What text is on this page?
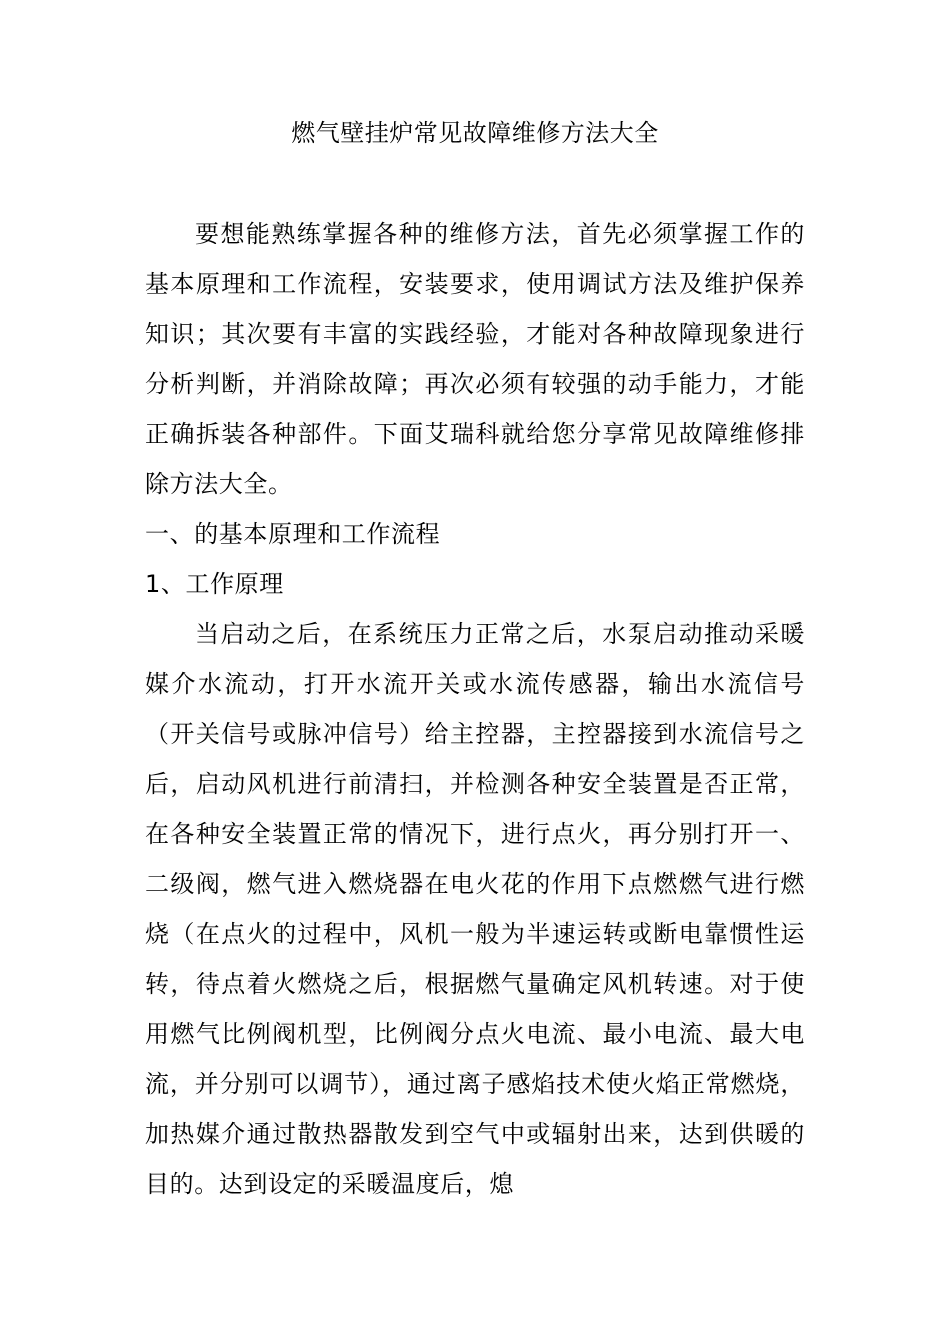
燃气壁挂炉常见故障维修方法大全

要想能熟练掌握各种的维修方法，首先必须掌握工作的基本原理和工作流程，安装要求，使用调试方法及维护保养知识；其次要有丰富的实践经验，才能对各种故障现象进行分析判断，并消除故障；再次必须有较强的动手能力，才能正确拆装各种部件。下面艾瑞科就给您分享常见故障维修排除方法大全。

一、的基本原理和工作流程

1、工作原理

当启动之后，在系统压力正常之后，水泵启动推动采暖媒介水流动，打开水流开关或水流传感器，输出水流信号（开关信号或脉冲信号）给主控器，主控器接到水流信号之后，启动风机进行前清扫，并检测各种安全装置是否正常，在各种安全装置正常的情况下，进行点火，再分别打开一、二级阀，燃气进入燃烧器在电火花的作用下点燃燃气进行燃烧（在点火的过程中，风机一般为半速运转或断电靠惯性运转，待点着火燃烧之后，根据燃气量确定风机转速。对于使用燃气比例阀机型，比例阀分点火电流、最小电流、最大电流，并分别可以调节），通过离子感焰技术使火焰正常燃烧，加热媒介通过散热器散发到空气中或辐射出来，达到供暖的目的。达到设定的采暖温度后，熄
